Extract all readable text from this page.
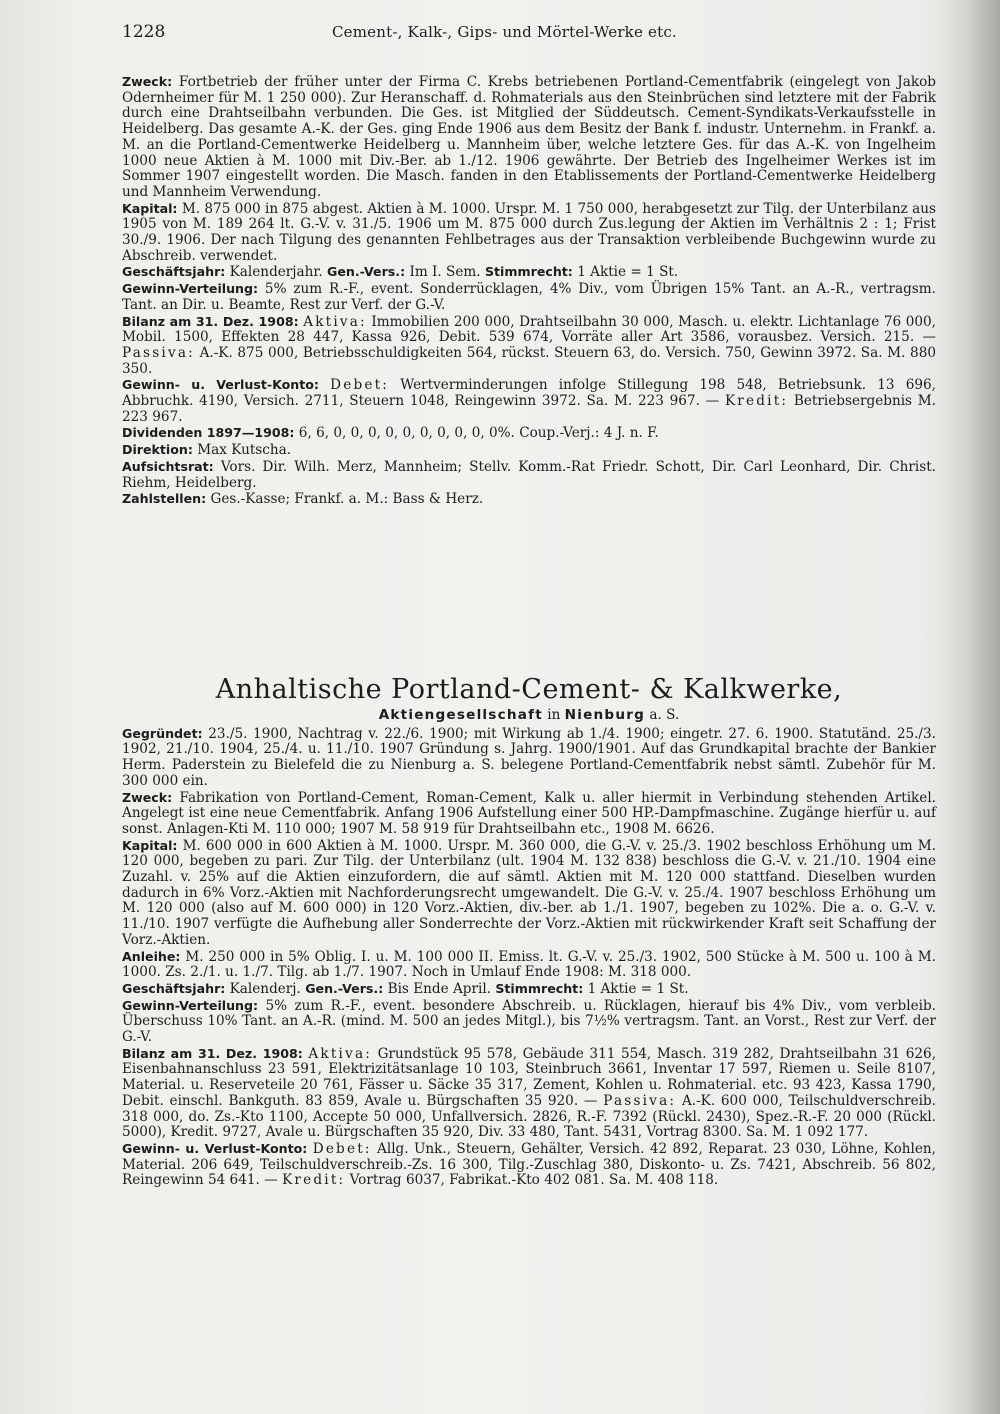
1228	Cement-, Kalk-, Gips- und Mörtel-Werke etc.

Zweck: Fortbetrieb der früher unter der Firma C. Krebs betriebenen Portland-Cementfabrik (eingelegt von Jakob Odernheimer für M. 1 250 000). Zur Heranschaff. d. Rohmaterials aus den Steinbrüchen sind letztere mit der Fabrik durch eine Drahtseilbahn verbunden. Die Ges. ist Mitglied der Süddeutsch. Cement-Syndikats-Verkaufsstelle in Heidelberg. Das gesamte A.-K. der Ges. ging Ende 1906 aus dem Besitz der Bank f. industr. Unternehm. in Frankf. a. M. an die Portland-Cementwerke Heidelberg u. Mannheim über, welche letztere Ges. für das A.-K. von Ingelheim 1000 neue Aktien à M. 1000 mit Div.-Ber. ab 1./12. 1906 gewährte. Der Betrieb des Ingelheimer Werkes ist im Sommer 1907 eingestellt worden. Die Masch. fanden in den Etablissements der Portland-Cementwerke Heidelberg und Mannheim Verwendung.

Kapital: M. 875 000 in 875 abgest. Aktien à M. 1000. Urspr. M. 1 750 000, herabgesetzt zur Tilg. der Unterbilanz aus 1905 von M. 189 264 lt. G.-V. v. 31./5. 1906 um M. 875 000 durch Zus.legung der Aktien im Verhältnis 2 : 1; Frist 30./9. 1906. Der nach Tilgung des genannten Fehlbetrages aus der Transaktion verbleibende Buchgewinn wurde zu Abschreib. verwendet.

Geschäftsjahr: Kalenderjahr. Gen.-Vers.: Im I. Sem. Stimmrecht: 1 Aktie = 1 St.

Gewinn-Verteilung: 5% zum R.-F., event. Sonderrücklagen, 4% Div., vom Übrigen 15% Tant. an A.-R., vertragsm. Tant. an Dir. u. Beamte, Rest zur Verf. der G.-V.

Bilanz am 31. Dez. 1908: Aktiva: Immobilien 200 000, Drahtseilbahn 30 000, Masch. u. elektr. Lichtanlage 76 000, Mobil. 1500, Effekten 28 447, Kassa 926, Debit. 539 674, Vorräte aller Art 3586, vorausbez. Versich. 215. — Passiva: A.-K. 875 000, Betriebsschuldigkeiten 564, rückst. Steuern 63, do. Versich. 750, Gewinn 3972. Sa. M. 880 350.

Gewinn- u. Verlust-Konto: Debet: Wertverminderungen infolge Stillegung 198 548, Betriebsunk. 13 696, Abbruchk. 4190, Versich. 2711, Steuern 1048, Reingewinn 3972. Sa. M. 223 967. — Kredit: Betriebsergebnis M. 223 967.

Dividenden 1897—1908: 6, 6, 0, 0, 0, 0, 0, 0, 0, 0, 0, 0%. Coup.-Verj.: 4 J. n. F.

Direktion: Max Kutscha.

Aufsichtsrat: Vors. Dir. Wilh. Merz, Mannheim; Stellv. Komm.-Rat Friedr. Schott, Dir. Carl Leonhard, Dir. Christ. Riehm, Heidelberg.

Zahlstellen: Ges.-Kasse; Frankf. a. M.: Bass & Herz.

Anhaltische Portland-Cement- & Kalkwerke,
Aktiengesellschaft in Nienburg a. S.

Gegründet: 23./5. 1900, Nachtrag v. 22./6. 1900; mit Wirkung ab 1./4. 1900; eingetr. 27. 6. 1900. Statutänd. 25./3. 1902, 21./10. 1904, 25./4. u. 11./10. 1907 Gründung s. Jahrg. 1900/1901. Auf das Grundkapital brachte der Bankier Herm. Paderstein zu Bielefeld die zu Nienburg a. S. belegene Portland-Cementfabrik nebst sämtl. Zubehör für M. 300 000 ein.

Zweck: Fabrikation von Portland-Cement, Roman-Cement, Kalk u. aller hiermit in Verbindung stehenden Artikel. Angelegt ist eine neue Cementfabrik. Anfang 1906 Aufstellung einer 500 HP.-Dampfmaschine. Zugänge hierfür u. auf sonst. Anlagen-Kti M. 110 000; 1907 M. 58 919 für Drahtseilbahn etc., 1908 M. 6626.

Kapital: M. 600 000 in 600 Aktien à M. 1000. Urspr. M. 360 000, die G.-V. v. 25./3. 1902 beschloss Erhöhung um M. 120 000, begeben zu pari. Zur Tilg. der Unterbilanz (ult. 1904 M. 132 838) beschloss die G.-V. v. 21./10. 1904 eine Zuzahl. v. 25% auf die Aktien einzufordern, die auf sämtl. Aktien mit M. 120 000 stattfand. Dieselben wurden dadurch in 6% Vorz.-Aktien mit Nachforderungsrecht umgewandelt. Die G.-V. v. 25./4. 1907 beschloss Erhöhung um M. 120 000 (also auf M. 600 000) in 120 Vorz.-Aktien, div.-ber. ab 1./1. 1907, begeben zu 102%. Die a. o. G.-V. v. 11./10. 1907 verfügte die Aufhebung aller Sonderrechte der Vorz.-Aktien mit rückwirkender Kraft seit Schaffung der Vorz.-Aktien.

Anleihe: M. 250 000 in 5% Oblig. I. u. M. 100 000 II. Emiss. lt. G.-V. v. 25./3. 1902, 500 Stücke à M. 500 u. 100 à M. 1000. Zs. 2./1. u. 1./7. Tilg. ab 1./7. 1907. Noch in Umlauf Ende 1908: M. 318 000.

Geschäftsjahr: Kalenderj. Gen.-Vers.: Bis Ende April. Stimmrecht: 1 Aktie = 1 St.

Gewinn-Verteilung: 5% zum R.-F., event. besondere Abschreib. u. Rücklagen, hierauf bis 4% Div., vom verbleib. Überschuss 10% Tant. an A.-R. (mind. M. 500 an jedes Mitgl.), bis 7½% vertragsm. Tant. an Vorst., Rest zur Verf. der G.-V.

Bilanz am 31. Dez. 1908: Aktiva: Grundstück 95 578, Gebäude 311 554, Masch. 319 282, Drahtseilbahn 31 626, Eisenbahnanschluss 23 591, Elektrizitätsanlage 10 103, Steinbruch 3661, Inventar 17 597, Riemen u. Seile 8107, Material. u. Reserveteile 20 761, Fässer u. Säcke 35 317, Zement, Kohlen u. Rohmaterial. etc. 93 423, Kassa 1790, Debit. einschl. Bankguth. 83 859, Avale u. Bürgschaften 35 920. — Passiva: A.-K. 600 000, Teilschuldverschreib. 318 000, do. Zs.-Kto 1100, Accepte 50 000, Unfallversich. 2826, R.-F. 7392 (Rückl. 2430), Spez.-R.-F. 20 000 (Rückl. 5000), Kredit. 9727, Avale u. Bürgschaften 35 920, Div. 33 480, Tant. 5431, Vortrag 8300. Sa. M. 1 092 177.

Gewinn- u. Verlust-Konto: Debet: Allg. Unk., Steuern, Gehälter, Versich. 42 892, Reparat. 23 030, Löhne, Kohlen, Material. 206 649, Teilschuldverschreib.-Zs. 16 300, Tilg.-Zuschlag 380, Diskonto- u. Zs. 7421, Abschreib. 56 802, Reingewinn 54 641. — Kredit: Vortrag 6037, Fabrikat.-Kto 402 081. Sa. M. 408 118.
